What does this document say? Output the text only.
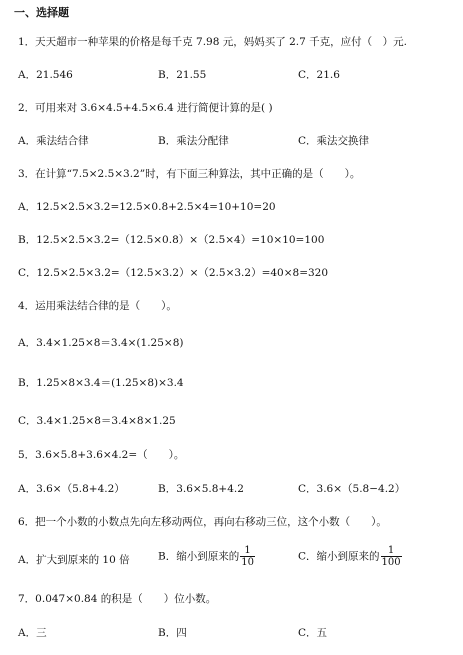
一、选择题
1．天天超市一种苹果的价格是每千克 7.98 元，妈妈买了 2.7 千克，应付（　）元.
A．21.546	B．21.55	C．21.6
2．可用来对 3.6×4.5+4.5×6.4 进行简便计算的是( )
A．乘法结合律	B．乘法分配律	C．乘法交换律
3．在计算“7.5×2.5×3.2”时，有下面三种算法，其中正确的是（　　）。
A．12.5×2.5×3.2=12.5×0.8+2.5×4=10+10=20
B．12.5×2.5×3.2=（12.5×0.8）×（2.5×4）=10×10=100
C．12.5×2.5×3.2=（12.5×3.2）×（2.5×3.2）=40×8=320
4．运用乘法结合律的是（　　）。
A．3.4×1.25×8＝3.4×(1.25×8)
B．1.25×8×3.4＝(1.25×8)×3.4
C．3.4×1.25×8＝3.4×8×1.25
5．3.6×5.8+3.6×4.2=（　　）。
A．3.6×（5.8+4.2）	B．3.6×5.8+4.2	C．3.6×（5.8−4.2）
6．把一个小数的小数点先向左移动两位，再向右移动三位，这个小数（　　）。
A．扩大到原来的 10 倍	B．缩小到原来的 $\frac{1}{10}$	C．缩小到原来的 $\frac{1}{100}$
7．0.047×0.84 的积是（　　）位小数。
A．三	B．四	C．五
